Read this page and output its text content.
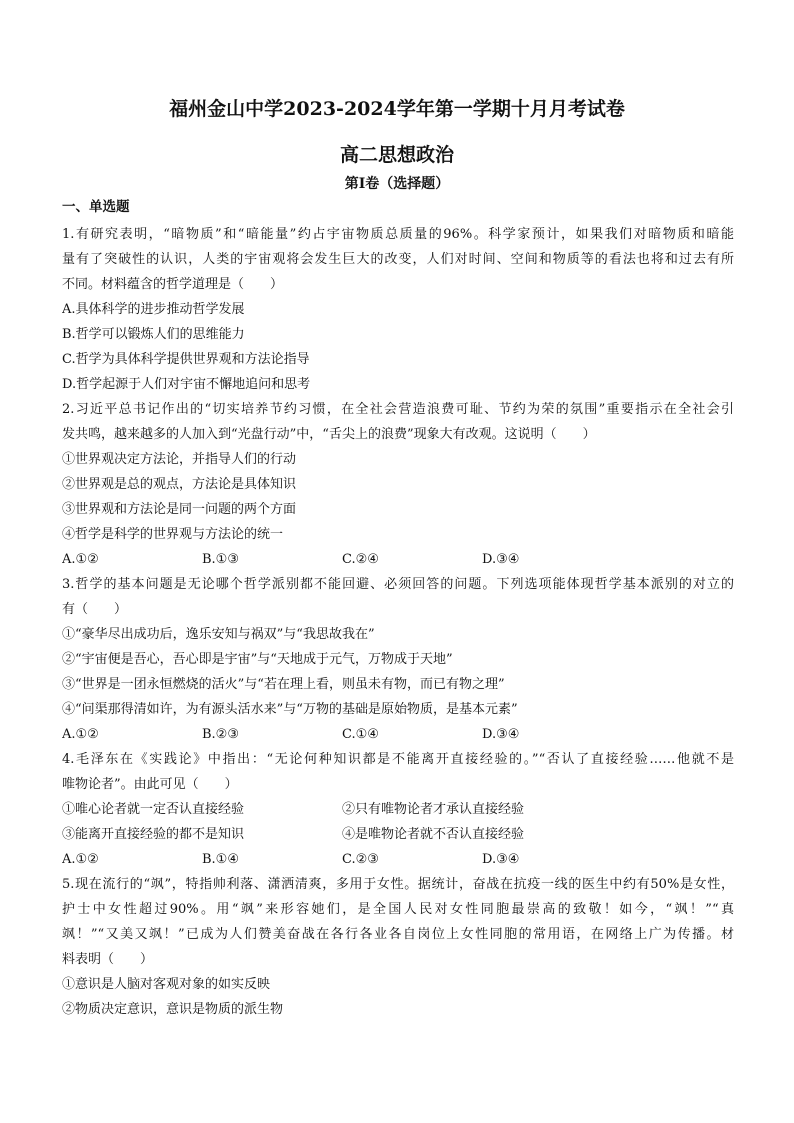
福州金山中学2023-2024学年第一学期十月月考试卷
高二思想政治
第Ⅰ卷（选择题）
一、单选题
1.有研究表明，“暗物质”和“暗能量”约占宇宙物质总质量的96%。科学家预计，如果我们对暗物质和暗能
量有了突破性的认识，人类的宇宙观将会发生巨大的改变，人们对时间、空间和物质等的看法也将和过去有所
不同。材料蕴含的哲学道理是（　　）
A.具体科学的进步推动哲学发展
B.哲学可以锻炼人们的思维能力
C.哲学为具体科学提供世界观和方法论指导
D.哲学起源于人们对宇宙不懈地追问和思考
2.习近平总书记作出的“切实培养节约习惯，在全社会营造浪费可耻、节约为荣的氛围”重要指示在全社会引
发共鸣，越来越多的人加入到“光盘行动”中，“舌尖上的浪费”现象大有改观。这说明（　　）
①世界观决定方法论，并指导人们的行动
②世界观是总的观点，方法论是具体知识
③世界观和方法论是同一问题的两个方面
④哲学是科学的世界观与方法论的统一
A.①②	B.①③	C.②④	D.③④
3.哲学的基本问题是无论哪个哲学派别都不能回避、必须回答的问题。下列选项能体现哲学基本派别的对立的
有（　　）
①“豪华尽出成功后，逸乐安知与祸双”与“我思故我在”
②“宇宙便是吾心，吾心即是宇宙”与“天地成于元气，万物成于天地”
③“世界是一团永恒燃烧的活火”与“若在理上看，则虽未有物，而已有物之理”
④“问渠那得清如许，为有源头活水来”与“万物的基础是原始物质，是基本元素”
A.①②	B.②③	C.①④	D.③④
4.毛泽东在《实践论》中指出：“无论何种知识都是不能离开直接经验的。”“否认了直接经验……他就不是
唯物论者”。由此可见（　　）
①唯心论者就一定否认直接经验	②只有唯物论者才承认直接经验
③能离开直接经验的都不是知识	④是唯物论者就不否认直接经验
A.①②	B.①④	C.②③	D.③④
5.现在流行的“飒”，特指帅利落、潇洒清爽，多用于女性。据统计，奋战在抗疫一线的医生中约有50%是女性，
护士中女性超过90%。用“飒”来形容她们，是全国人民对女性同胞最崇高的致敬！如今，“飒！”“真
飒！”“又美又飒！”已成为人们赞美奋战在各行各业各自岗位上女性同胞的常用语，在网络上广为传播。材
料表明（　　）
①意识是人脑对客观对象的如实反映
②物质决定意识，意识是物质的派生物
